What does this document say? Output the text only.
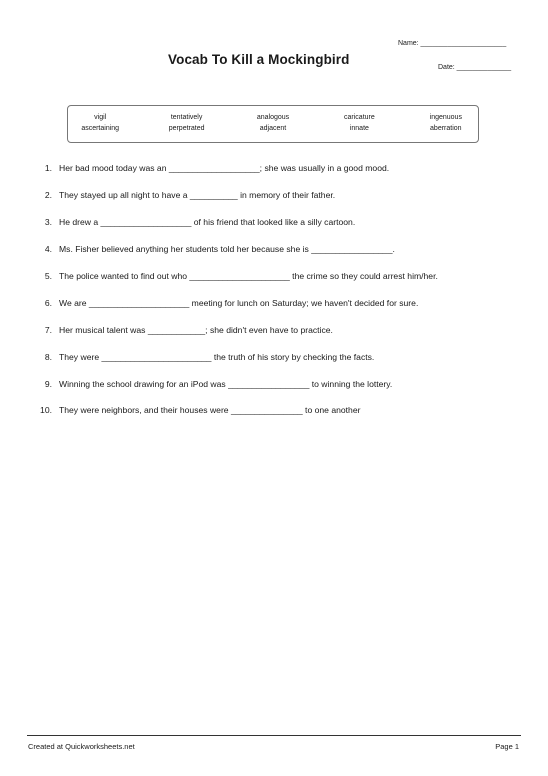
Name: ______________________
Vocab To Kill a Mockingbird
Date: ______________
vigil	tentatively	analogous	caricature	ingenuous
ascertaining	perpetrated	adjacent	innate	aberration
1. Her bad mood today was an ___________________; she was usually in a good mood.
2. They stayed up all night to have a __________ in memory of their father.
3. He drew a ___________________ of his friend that looked like a silly cartoon.
4. Ms. Fisher believed anything her students told her because she is _________________.
5. The police wanted to find out who _____________________ the crime so they could arrest him/her.
6. We are _____________________ meeting for lunch on Saturday; we haven't decided for sure.
7. Her musical talent was ____________; she didn't even have to practice.
8. They were _______________________ the truth of his story by checking the facts.
9. Winning the school drawing for an iPod was _________________ to winning the lottery.
10. They were neighbors, and their houses were _______________ to one another
Created at Quickworksheets.net	Page 1
